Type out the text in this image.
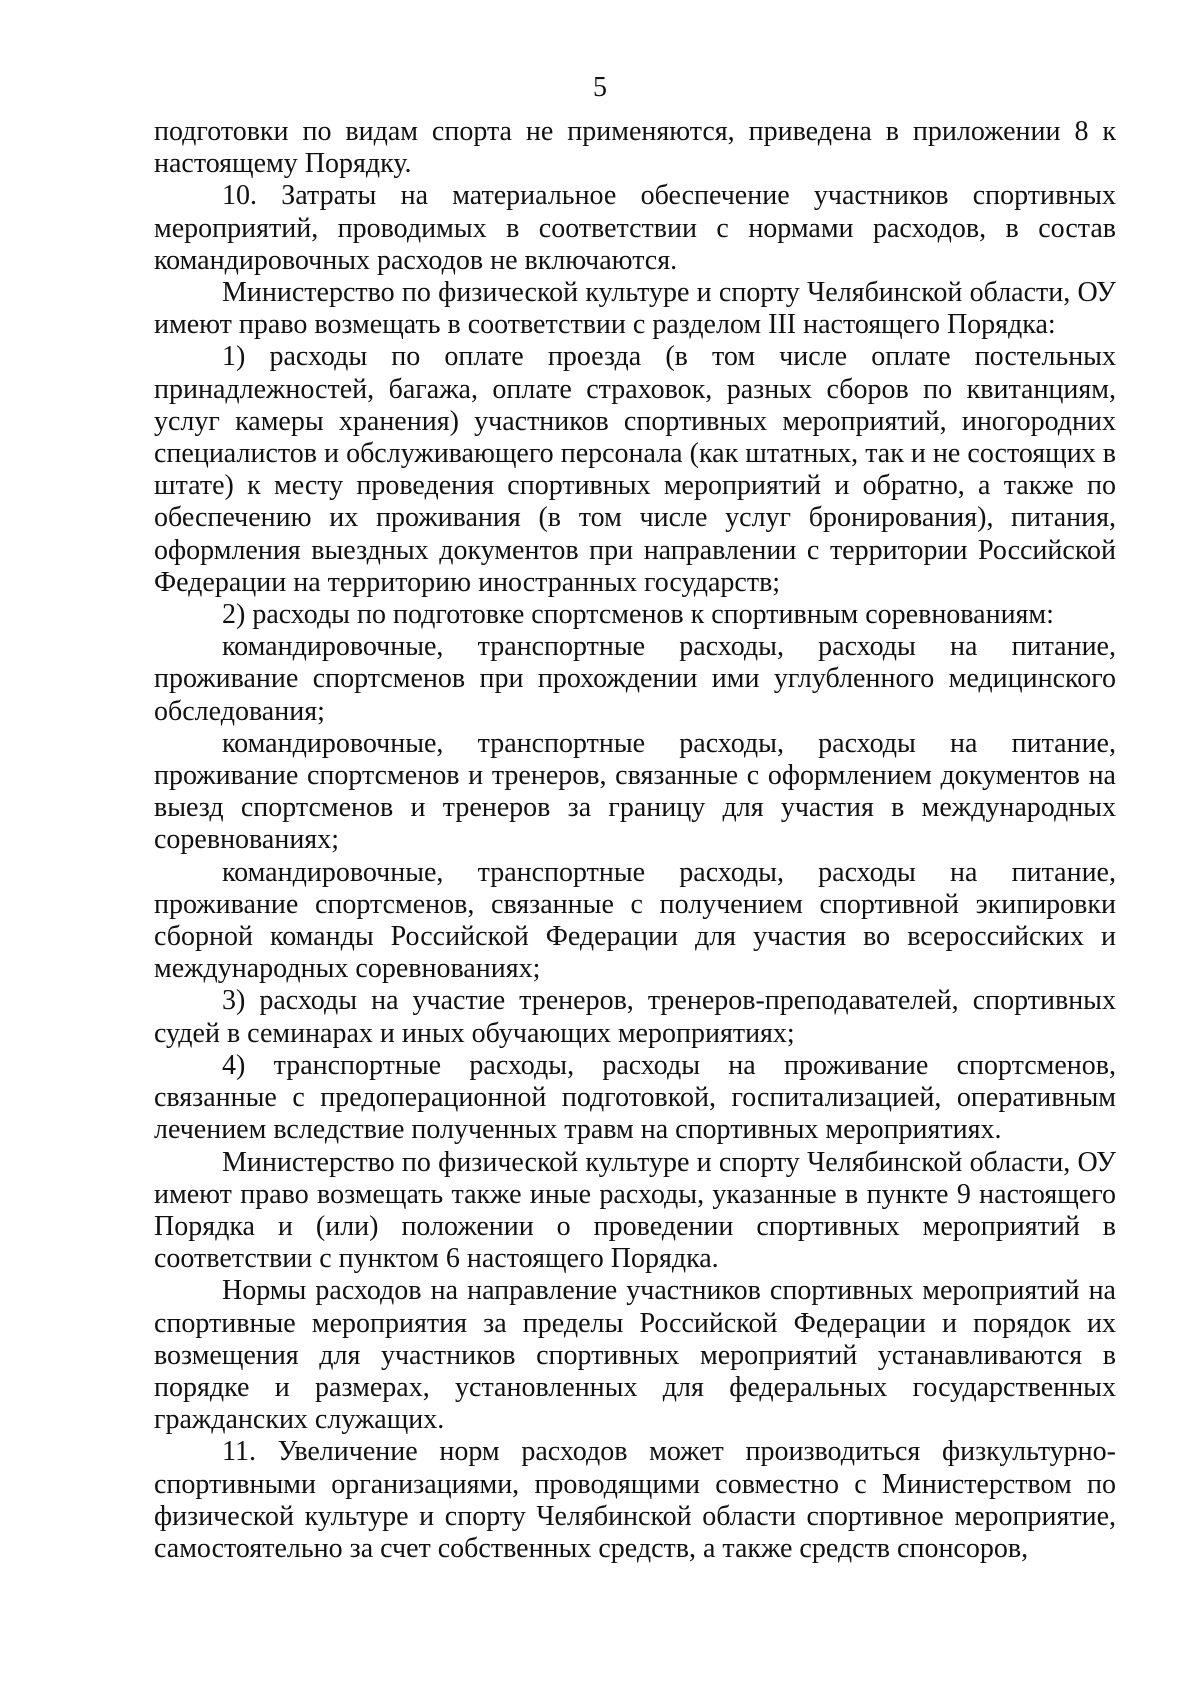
5

подготовки по видам спорта не применяются, приведена в приложении 8 к настоящему Порядку.

10. Затраты на материальное обеспечение участников спортивных мероприятий, проводимых в соответствии с нормами расходов, в состав командировочных расходов не включаются.

Министерство по физической культуре и спорту Челябинской области, ОУ имеют право возмещать в соответствии с разделом III настоящего Порядка:

1) расходы по оплате проезда (в том числе оплате постельных принадлежностей, багажа, оплате страховок, разных сборов по квитанциям, услуг камеры хранения) участников спортивных мероприятий, иногородних специалистов и обслуживающего персонала (как штатных, так и не состоящих в штате) к месту проведения спортивных мероприятий и обратно, а также по обеспечению их проживания (в том числе услуг бронирования), питания, оформления выездных документов при направлении с территории Российской Федерации на территорию иностранных государств;

2) расходы по подготовке спортсменов к спортивным соревнованиям:

командировочные, транспортные расходы, расходы на питание, проживание спортсменов при прохождении ими углубленного медицинского обследования;

командировочные, транспортные расходы, расходы на питание, проживание спортсменов и тренеров, связанные с оформлением документов на выезд спортсменов и тренеров за границу для участия в международных соревнованиях;

командировочные, транспортные расходы, расходы на питание, проживание спортсменов, связанные с получением спортивной экипировки сборной команды Российской Федерации для участия во всероссийских и международных соревнованиях;

3) расходы на участие тренеров, тренеров-преподавателей, спортивных судей в семинарах и иных обучающих мероприятиях;

4) транспортные расходы, расходы на проживание спортсменов, связанные с предоперационной подготовкой, госпитализацией, оперативным лечением вследствие полученных травм на спортивных мероприятиях.

Министерство по физической культуре и спорту Челябинской области, ОУ имеют право возмещать также иные расходы, указанные в пункте 9 настоящего Порядка и (или) положении о проведении спортивных мероприятий в соответствии с пунктом 6 настоящего Порядка.

Нормы расходов на направление участников спортивных мероприятий на спортивные мероприятия за пределы Российской Федерации и порядок их возмещения для участников спортивных мероприятий устанавливаются в порядке и размерах, установленных для федеральных государственных гражданских служащих.

11. Увеличение норм расходов может производиться физкультурно-спортивными организациями, проводящими совместно с Министерством по физической культуре и спорту Челябинской области спортивное мероприятие, самостоятельно за счет собственных средств, а также средств спонсоров,
